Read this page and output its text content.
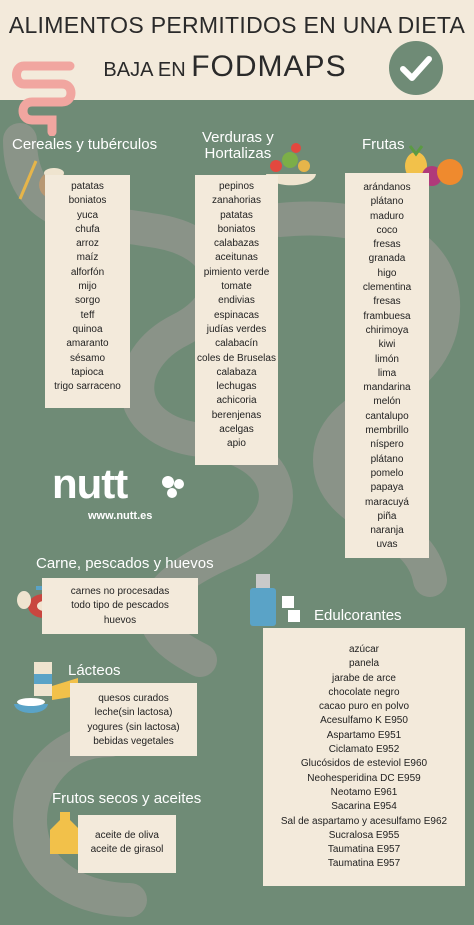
ALIMENTOS PERMITIDOS EN UNA DIETA
BAJA EN FODMAPS
Cereales y tubérculos
patatas
boniatos
yuca
chufa
arroz
maíz
alforfón
mijo
sorgo
teff
quinoa
amaranto
sésamo
tapioca
trigo sarraceno
Verduras y
Hortalizas
pepinos
zanahorias
patatas
boniatos
calabazas
aceitunas
pimiento verde
tomate
endivias
espinacas
judías verdes
calabacín
coles de Bruselas
calabaza
lechugas
achicoria
berenjenas
acelgas
apio
Frutas
arándanos
plátano
maduro
coco
fresas
granada
higo
clementina
fresas
frambuesa
chirimoya
kiwi
limón
lima
mandarina
melón
cantalupo
membrillo
níspero
plátano
pomelo
papaya
maracuyá
piña
naranja
uvas
nutt
www.nutt.es
Carne, pescados y huevos
carnes no procesadas
todo tipo de pescados
huevos	Edulcorantes
azúcar
panela
jarabe de arce
chocolate negro
cacao puro en polvo
Acesulfamo K E950
Aspartamo E951
Ciclamato E952
Glucósidos de esteviol E960
Neohesperidina DC E959
Neotamo E961
Sacarina E954
Sal de aspartamo y acesulfamo E962
Sucralosa E955
Taumatina E957
Taumatina E957
Lácteos
quesos curados
leche(sin lactosa)
yogures (sin lactosa)
bebidas vegetales
Frutos secos y aceites
aceite de oliva
aceite de girasol
